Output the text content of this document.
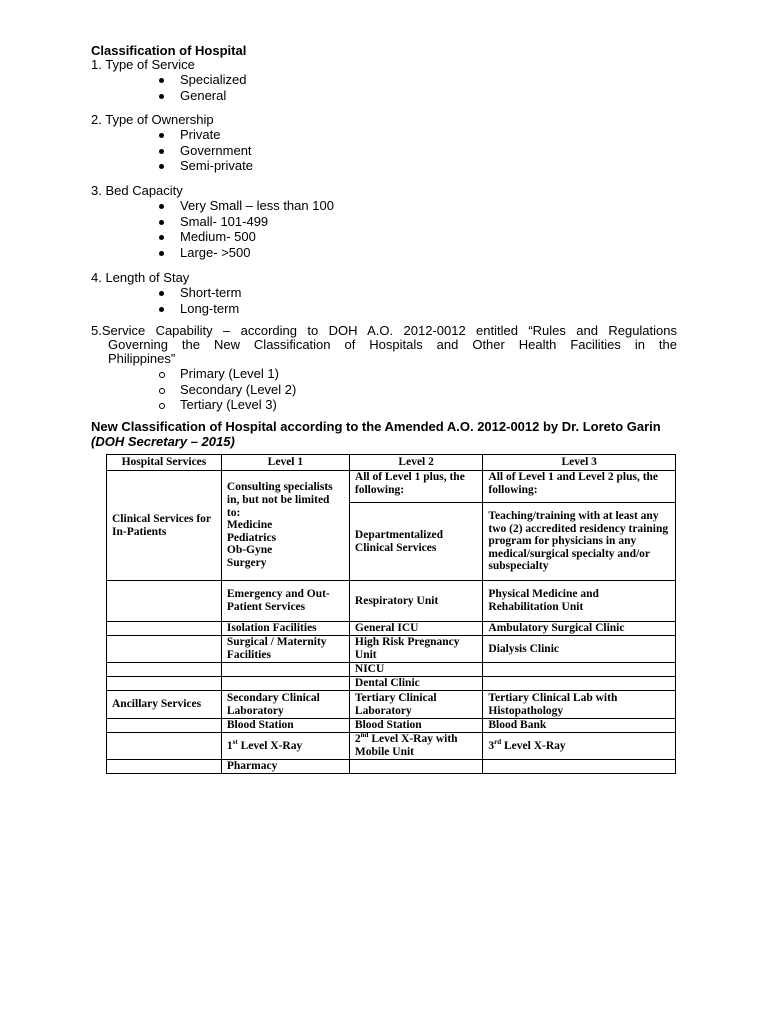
Classification of Hospital
1. Type of Service
Specialized
General
2. Type of Ownership
Private
Government
Semi-private
3. Bed Capacity
Very Small – less than 100
Small- 101-499
Medium- 500
Large- >500
4. Length of Stay
Short-term
Long-term
5.Service Capability – according to DOH A.O. 2012-0012 entitled “Rules and Regulations
Governing the New Classification of Hospitals and Other Health Facilities in the
Philippines”
Primary (Level 1)
Secondary (Level 2)
Tertiary (Level 3)
New Classification of Hospital according to the Amended A.O. 2012-0012 by Dr. Loreto Garin (DOH Secretary – 2015)
Hospital Services	Level 1	Level 2	Level 3
Clinical Services for In-Patients	Consulting specialists in, but not be limited to:
Medicine
Pediatrics
Ob-Gyne
Surgery	All of Level 1 plus, the following:	All of Level 1 and Level 2 plus, the following:
		Departmentalized Clinical Services	Teaching/training with at least any two (2) accredited residency training program for physicians in any medical/surgical specialty and/or subspecialty
	Emergency and Out-Patient Services	Respiratory Unit	Physical Medicine and Rehabilitation Unit
	Isolation Facilities	General ICU	Ambulatory Surgical Clinic
	Surgical / Maternity Facilities	High Risk Pregnancy Unit	Dialysis Clinic
		NICU	
		Dental Clinic	
Ancillary Services	Secondary Clinical Laboratory	Tertiary Clinical Laboratory	Tertiary Clinical Lab with Histopathology
	Blood Station	Blood Station	Blood Bank
	1st Level X-Ray	2nd Level X-Ray with Mobile Unit	3rd Level X-Ray
	Pharmacy		
